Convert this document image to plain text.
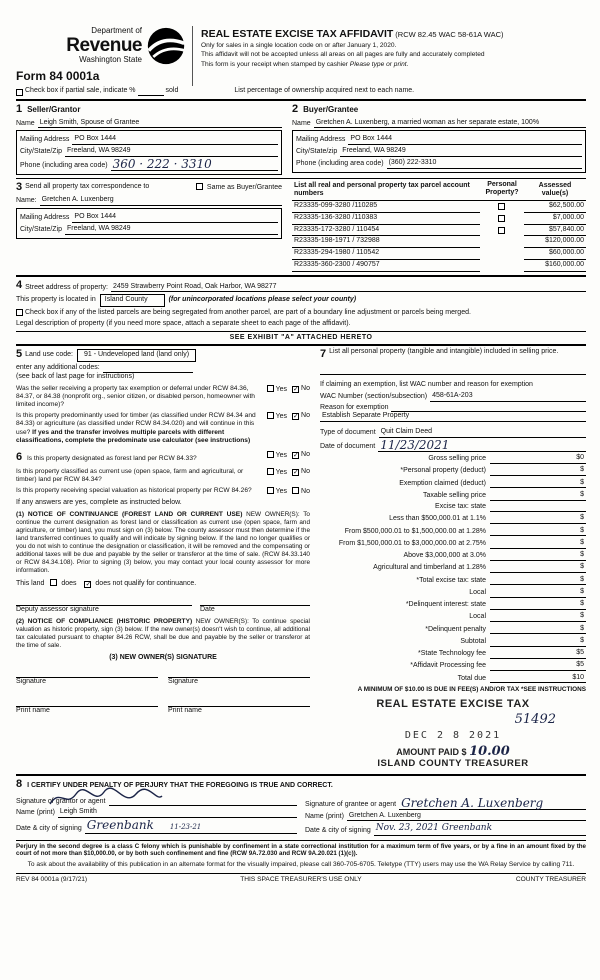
Department of
Revenue
Washington State
Form 84 0001a
REAL ESTATE EXCISE TAX AFFIDAVIT (RCW 82.45 WAC 58-61A WAC)
Only for sales in a single location code on or after January 1, 2020.
This affidavit will not be accepted unless all areas on all pages are fully and accurately completed
This form is your receipt when stamped by cashier Please type or print.
Check box if partial sale, indicate %	sold	List percentage of ownership acquired next to each name.
1 Seller/Grantor
Name Leigh Smith, Spouse of Grantee
Mailing Address PO Box 1444
City/State/Zip Freeland, WA 98249
Phone (including area code) 360 · 222 · 3310
2 Buyer/Grantee
Name Gretchen A. Luxenberg, a married woman as her separate estate, 100%
Mailing Address PO Box 1444
City/State/zip Freeland, WA 98249
Phone (including area code) (360) 222-3310
3 Send all property tax correspondence to	Same as Buyer/Grantee
Name: Gretchen A. Luxenberg
Mailing Address PO Box 1444
City/State/Zip Freeland, WA 98249
List all real and personal property tax parcel account numbers
Personal Property?
Assessed value(s)
R23335-099-3280 /110285	$62,500.00
R23335-136-3280 /110383	$7,000.00
R23335-172-3280 / 110454	$57,840.00
R23335-198-1971 / 732988	$120,000.00
R23335-294-1980 / 110542	$60,000.00
R23335-360-2300 / 490757	$160,000.00
4 Street address of property: 2459 Strawberry Point Road, Oak Harbor, WA 98277
This property is located in	Island County	(for unincorporated locations please select your county)
Check box if any of the listed parcels are being segregated from another parcel, are part of a boundary line adjustment or parcels being merged.
Legal description of property (if you need more space, attach a separate sheet to each page of the affidavit).
SEE EXHIBIT "A" ATTACHED HERETO
5 Land use code:	91 - Undeveloped land (land only)
enter any additional codes:
(see back of last page for instructions)
Was the seller receiving a property tax exemption or deferral under RCW 84.36, 84.37, or 84.38 (nonprofit org., senior citizen, or disabled person, homeowner with limited income)?
Yes ✓ No
Is this property predominantly used for timber (as classified under RCW 84.34 and 84.33) or agriculture (as classified under RCW 84.34.020) and will continue in this use? If yes and the transfer involves multiple parcels with different classifications, complete the predominate use calculator (see instructions)
Yes ✓ No
6 Is this property designated as forest land per RCW 84.33?	Yes ✓ No
Is this property classified as current use (open space, farm and agricultural, or timber) land per RCW 84.34?
Yes ✓ No
Is this property receiving special valuation as historical property per RCW 84.26?	Yes	No
If any answers are yes, complete as instructed below.
(1) NOTICE OF CONTINUANCE (FOREST LAND OR CURRENT USE) NEW OWNER(S): To continue the current designation as forest land or classification as current use (open space, farm and agriculture, or timber) land, you must sign on (3) below. The county assessor must then determine if the land transferred continues to qualify and will indicate by signing below. If the land no longer qualifies or you do not wish to continue the designation or classification, it will be removed and the compensating or additional taxes will be due and payable by the seller or transferor at the time of sale. (RCW 84.33.140 or RCW 84.34.108). Prior to signing (3) below, you may contact your local county assessor for more information.
This land does ✓ does not qualify for continuance.
Deputy assessor signature	Date
(2) NOTICE OF COMPLIANCE (HISTORIC PROPERTY) NEW OWNER(S): To continue special valuation as historic property, sign (3) below. If the new owner(s) doesn't wish to continue, all additional tax calculated pursuant to chapter 84.26 RCW, shall be due and payable by the seller or transferor at the time of sale.
(3) NEW OWNER(S) SIGNATURE
Signature
Print name
Signature
Print name
7 List all personal property (tangible and intangible) included in selling price.
If claiming an exemption, list WAC number and reason for exemption
WAC Number (section/subsection) 458-61A-203
Reason for exemption
Establish Separate Property
Type of document Quit Claim Deed
Date of document 11/23/2021
Gross selling price	$0
*Personal property (deduct)	$
Exemption claimed (deduct)	$
Taxable selling price	$
Excise tax: state
Less than $500,000.01 at 1.1%	$
From $500,000.01 to $1,500,000.00 at 1.28%	$
From $1,500,000.01 to $3,000,000.00 at 2.75%	$
Above $3,000,000 at 3.0%	$
Agricultural and timberland at 1.28%	$
*Total excise tax: state	$
Local	$
*Delinquent interest: state	$
Local	$
*Delinquent penalty	$
Subtotal	$
*State Technology fee	$5
*Affidavit Processing fee	$5
Total due	$10
A MINIMUM OF $10.00 IS DUE IN FEE(S) AND/OR TAX *SEE INSTRUCTIONS
REAL ESTATE EXCISE TAX
51492
DEC 2 8 2021
AMOUNT PAID $ 10.00
ISLAND COUNTY TREASURER
8 I CERTIFY UNDER PENALTY OF PERJURY THAT THE FOREGOING IS TRUE AND CORRECT.
Signature of grantor or agent
Name (print) Leigh Smith
Date & city of signing Greenbank 11-23-21
Signature of grantee or agent Gretchen A. Luxenberg
Name (print) Gretchen A. Luxenberg
Date & city of signing Nov. 23, 2021 Greenbank
Perjury in the second degree is a class C felony which is punishable by confinement in a state correctional institution for a maximum term of five years, or by a fine in an amount fixed by the court of not more than $10,000.00, or by both such confinement and fine (RCW 9A.72.030 and RCW 9A.20.021 (1)(c)).
To ask about the availability of this publication in an alternate format for the visually impaired, please call 360-705-6705. Teletype (TTY) users may use the WA Relay Service by calling 711.
REV 84 0001a (9/17/21)	THIS SPACE TREASURER'S USE ONLY	COUNTY TREASURER
